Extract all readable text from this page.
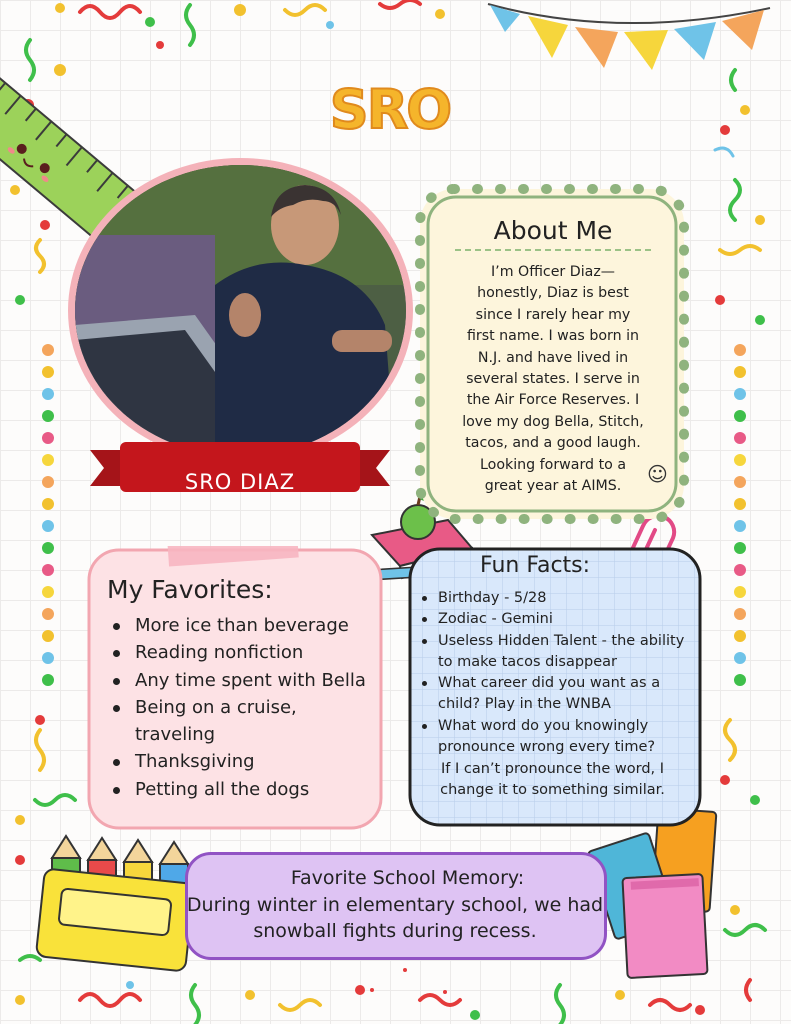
SRO
SRO DIAZ
About Me
I’m Officer Diaz—
honestly, Diaz is best
since I rarely hear my
first name. I was born in
N.J. and have lived in
several states. I serve in
the Air Force Reserves. I
love my dog Bella, Stitch,
tacos, and a good laugh.
Looking forward to a
great year at AIMS.
☺
My Favorites:
More ice than beverage
Reading nonfiction
Any time spent with Bella
Being on a cruise, traveling
Thanksgiving
Petting all the dogs
Fun Facts:
Birthday - 5/28
Zodiac - Gemini
Useless Hidden Talent - the ability to make tacos disappear
What career did you want as a child? Play in the WNBA
What word do you knowingly pronounce wrong every time?
If I can’t pronounce the word, I change it to something similar.
Favorite School Memory:
During winter in elementary school, we had snowball fights during recess.
